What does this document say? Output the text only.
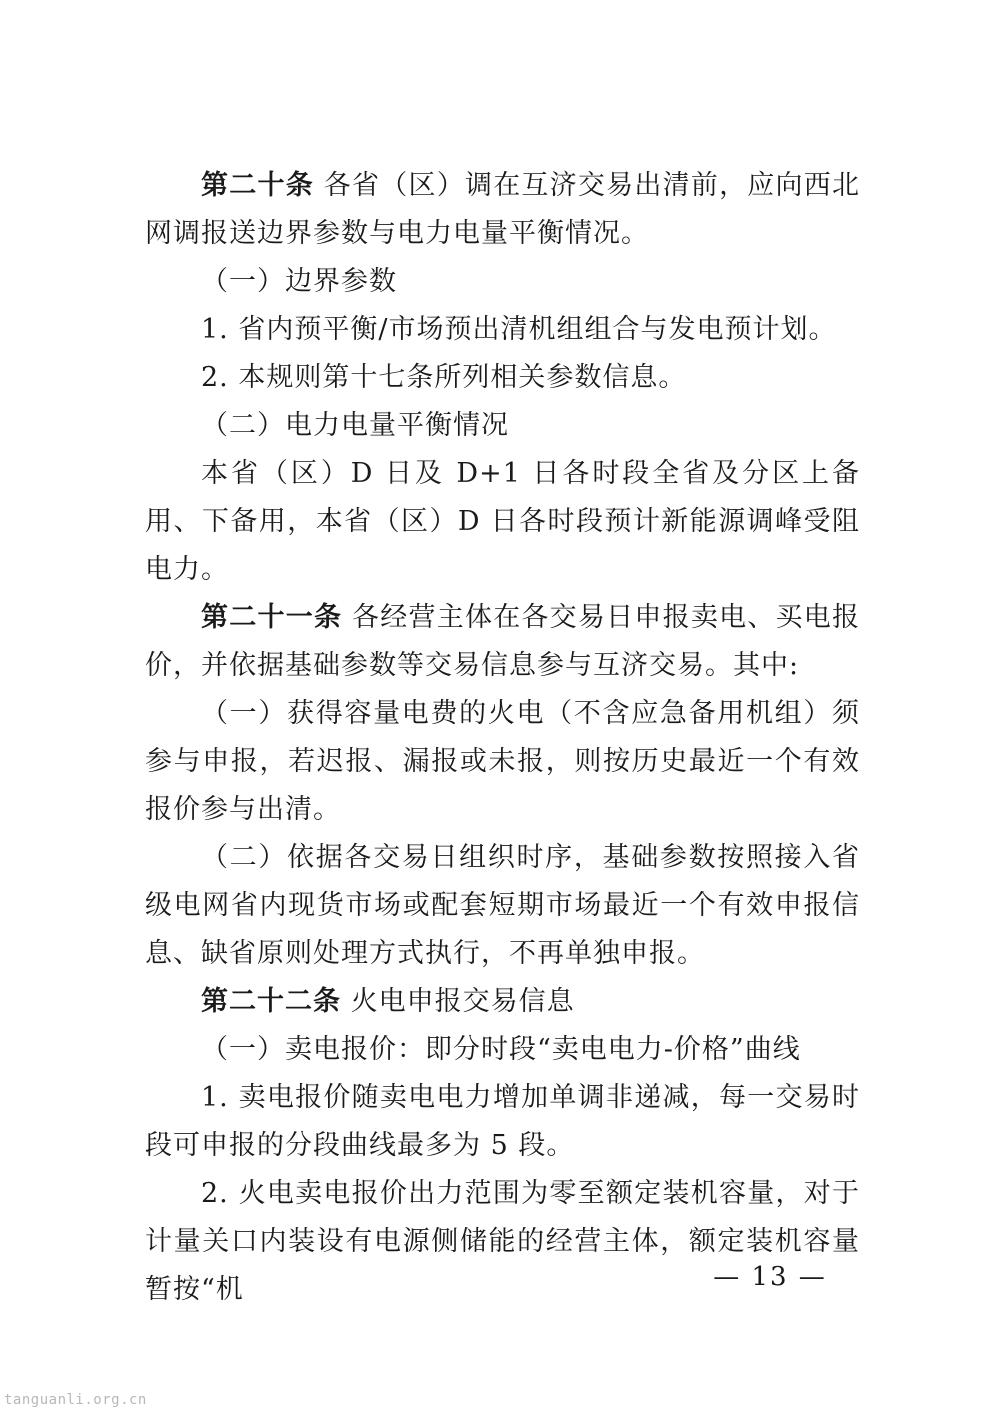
第二十条 各省（区）调在互济交易出清前，应向西北网调报送边界参数与电力电量平衡情况。

（一）边界参数

1. 省内预平衡/市场预出清机组组合与发电预计划。

2. 本规则第十七条所列相关参数信息。

（二）电力电量平衡情况

本省（区）D 日及 D+1 日各时段全省及分区上备用、下备用，本省（区）D 日各时段预计新能源调峰受阻电力。

第二十一条 各经营主体在各交易日申报卖电、买电报价，并依据基础参数等交易信息参与互济交易。其中:

（一）获得容量电费的火电（不含应急备用机组）须参与申报，若迟报、漏报或未报，则按历史最近一个有效报价参与出清。

（二）依据各交易日组织时序，基础参数按照接入省级电网省内现货市场或配套短期市场最近一个有效申报信息、缺省原则处理方式执行，不再单独申报。

第二十二条 火电申报交易信息

（一）卖电报价：即分时段“卖电电力-价格”曲线

1. 卖电报价随卖电电力增加单调非递减，每一交易时段可申报的分段曲线最多为 5 段。

2. 火电卖电报价出力范围为零至额定装机容量，对于计量关口内装设有电源侧储能的经营主体，额定装机容量暂按“机	— 13 —
tanguanli.org.cn
